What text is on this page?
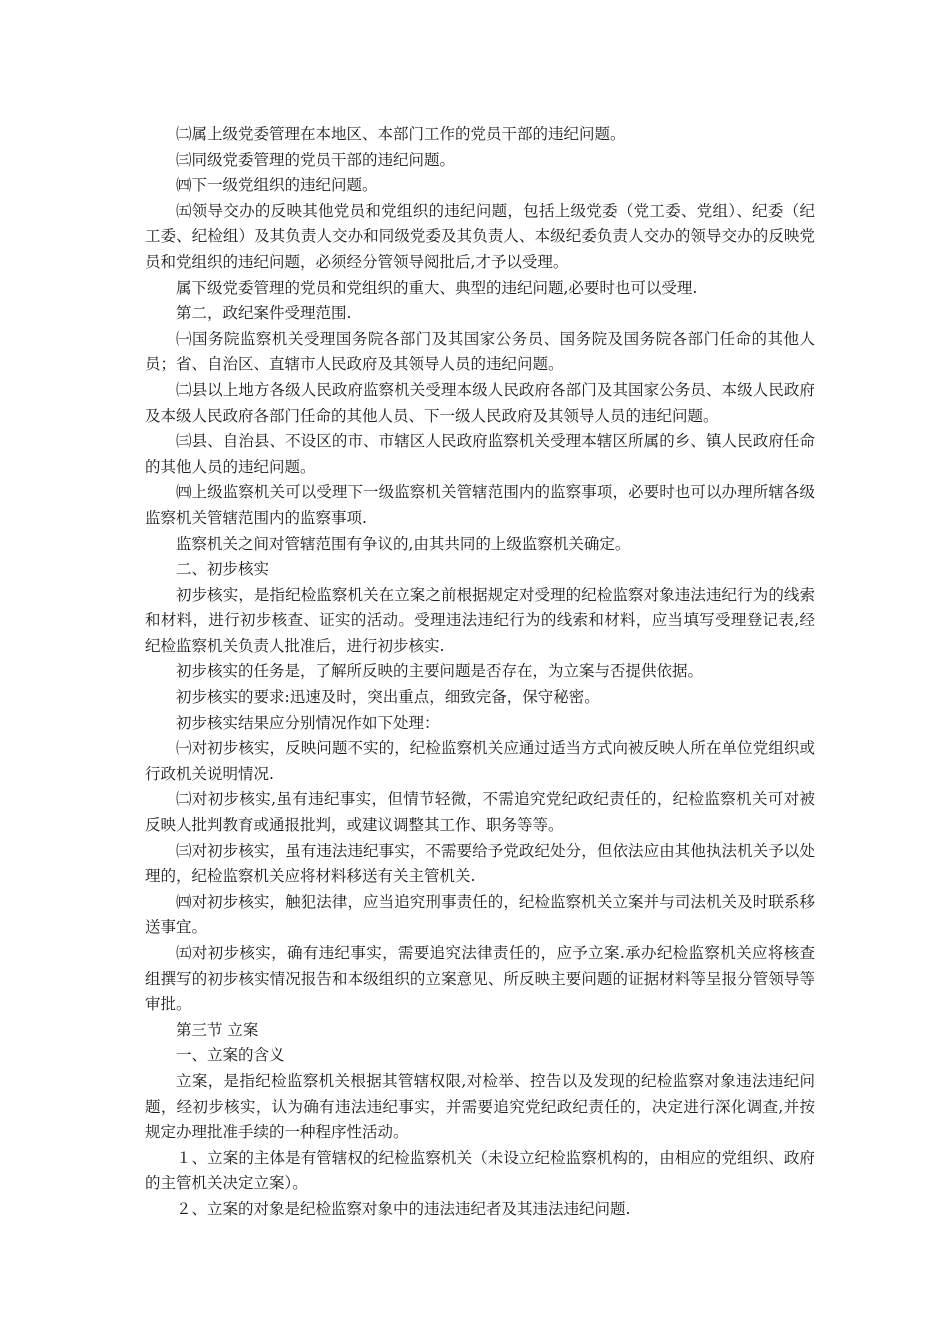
㈡属上级党委管理在本地区、本部门工作的党员干部的违纪问题。

㈢同级党委管理的党员干部的违纪问题。

㈣下一级党组织的违纪问题。

㈤领导交办的反映其他党员和党组织的违纪问题，包括上级党委（党工委、党组）、纪委（纪工委、纪检组）及其负责人交办和同级党委及其负责人、本级纪委负责人交办的领导交办的反映党员和党组织的违纪问题，必须经分管领导阅批后,才予以受理。

属下级党委管理的党员和党组织的重大、典型的违纪问题,必要时也可以受理.

第二，政纪案件受理范围.

㈠国务院监察机关受理国务院各部门及其国家公务员、国务院及国务院各部门任命的其他人员；省、自治区、直辖市人民政府及其领导人员的违纪问题。

㈡县以上地方各级人民政府监察机关受理本级人民政府各部门及其国家公务员、本级人民政府及本级人民政府各部门任命的其他人员、下一级人民政府及其领导人员的违纪问题。

㈢县、自治县、不设区的市、市辖区人民政府监察机关受理本辖区所属的乡、镇人民政府任命的其他人员的违纪问题。

㈣上级监察机关可以受理下一级监察机关管辖范围内的监察事项，必要时也可以办理所辖各级监察机关管辖范围内的监察事项.

监察机关之间对管辖范围有争议的,由其共同的上级监察机关确定。

二、初步核实

初步核实，是指纪检监察机关在立案之前根据规定对受理的纪检监察对象违法违纪行为的线索和材料，进行初步核查、证实的活动。受理违法违纪行为的线索和材料，应当填写受理登记表,经纪检监察机关负责人批准后，进行初步核实.

初步核实的任务是，了解所反映的主要问题是否存在，为立案与否提供依据。

初步核实的要求:迅速及时，突出重点，细致完备，保守秘密。

初步核实结果应分别情况作如下处理：

㈠对初步核实，反映问题不实的，纪检监察机关应通过适当方式向被反映人所在单位党组织或行政机关说明情况.

㈡对初步核实,虽有违纪事实，但情节轻微，不需追究党纪政纪责任的，纪检监察机关可对被反映人批判教育或通报批判，或建议调整其工作、职务等等。

㈢对初步核实，虽有违法违纪事实，不需要给予党政纪处分，但依法应由其他执法机关予以处理的，纪检监察机关应将材料移送有关主管机关.

㈣对初步核实，触犯法律，应当追究刑事责任的，纪检监察机关立案并与司法机关及时联系移送事宜。

㈤对初步核实，确有违纪事实，需要追究法律责任的，应予立案.承办纪检监察机关应将核查组撰写的初步核实情况报告和本级组织的立案意见、所反映主要问题的证据材料等呈报分管领导等审批。

第三节 立案

一、立案的含义

立案，是指纪检监察机关根据其管辖权限,对检举、控告以及发现的纪检监察对象违法违纪问题，经初步核实，认为确有违法违纪事实，并需要追究党纪政纪责任的，决定进行深化调查,并按规定办理批准手续的一种程序性活动。

１、立案的主体是有管辖权的纪检监察机关（未设立纪检监察机构的，由相应的党组织、政府的主管机关决定立案）。

２、立案的对象是纪检监察对象中的违法违纪者及其违法违纪问题.
